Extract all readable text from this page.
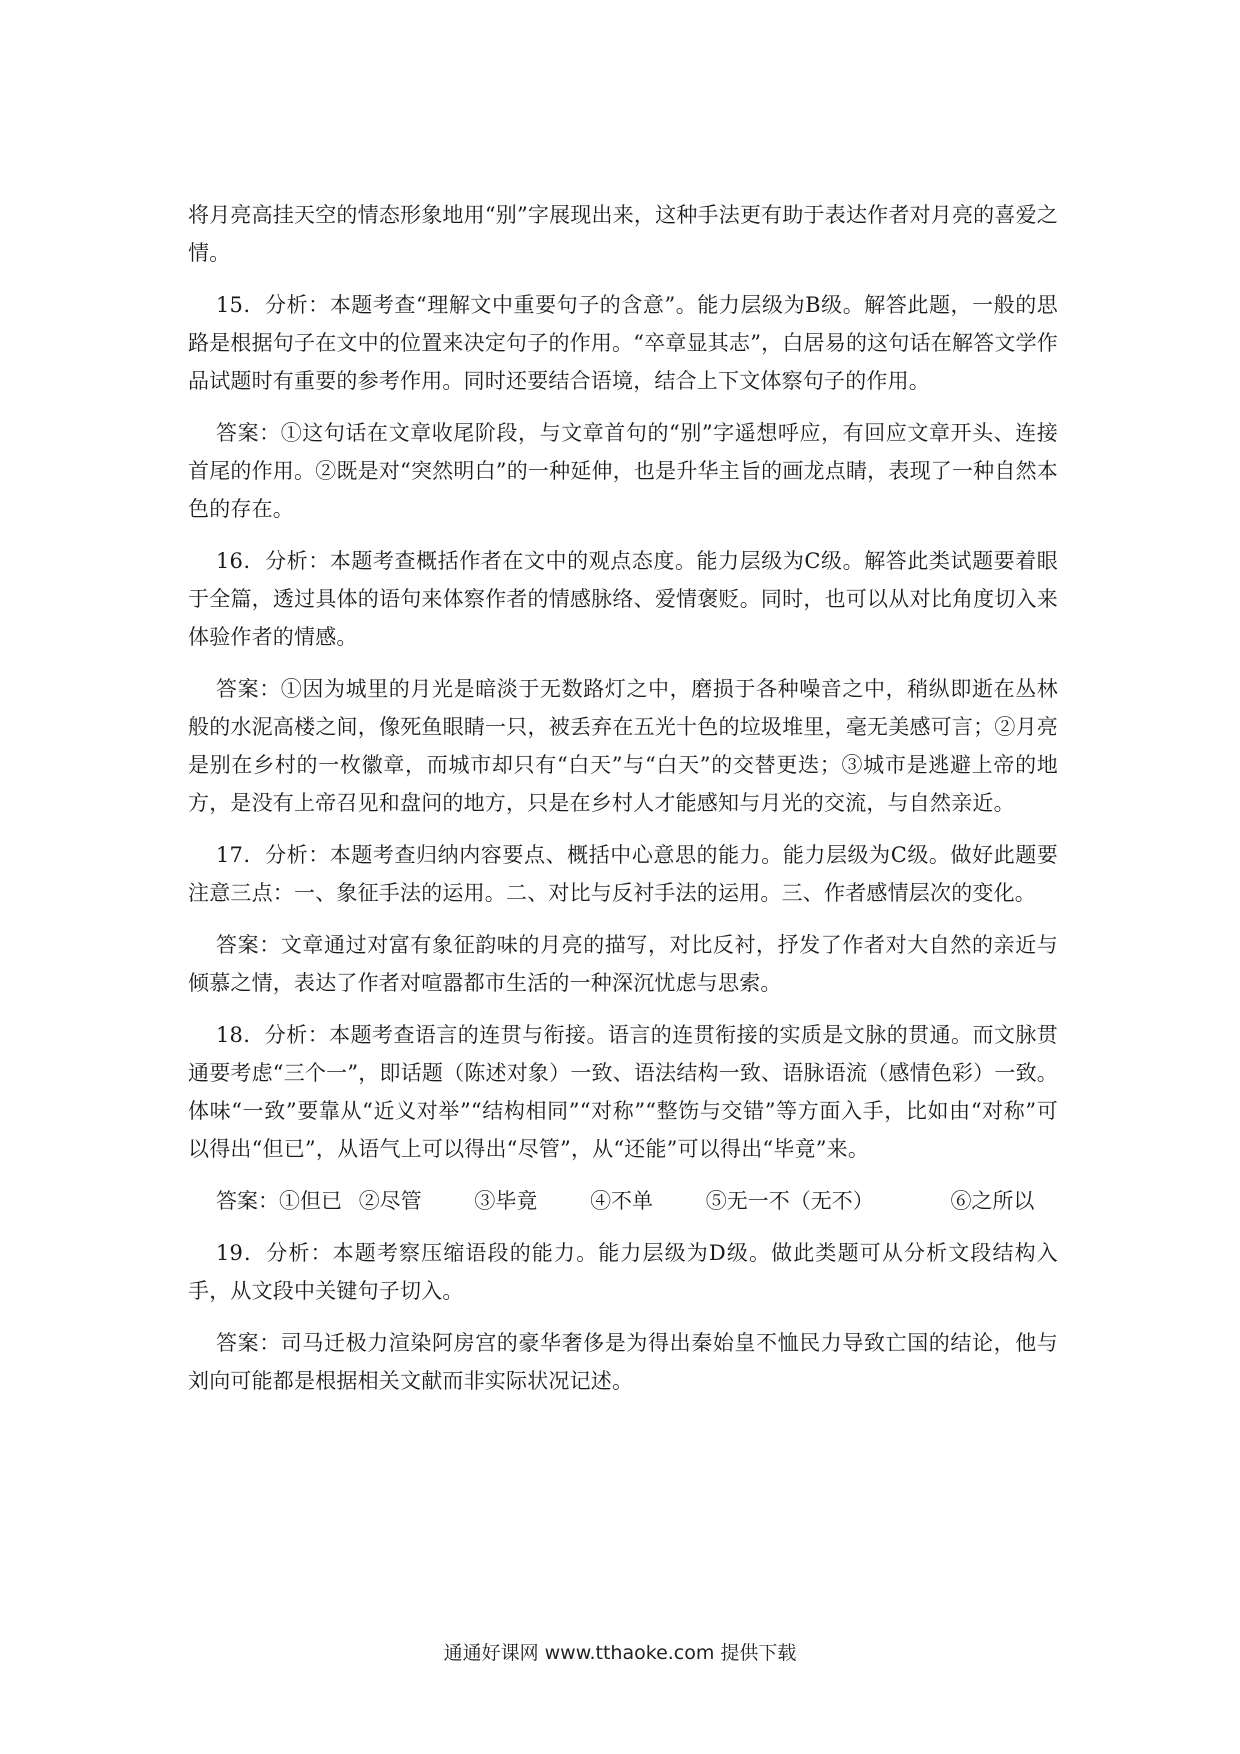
将月亮高挂天空的情态形象地用“别”字展现出来，这种手法更有助于表达作者对月亮的喜爱之情。

15．分析：本题考查“理解文中重要句子的含意”。能力层级为B级。解答此题，一般的思路是根据句子在文中的位置来决定句子的作用。“卒章显其志”，白居易的这句话在解答文学作品试题时有重要的参考作用。同时还要结合语境，结合上下文体察句子的作用。

答案：①这句话在文章收尾阶段，与文章首句的“别”字遥想呼应，有回应文章开头、连接首尾的作用。②既是对“突然明白”的一种延伸，也是升华主旨的画龙点睛，表现了一种自然本色的存在。

16．分析：本题考查概括作者在文中的观点态度。能力层级为C级。解答此类试题要着眼于全篇，透过具体的语句来体察作者的情感脉络、爱情褒贬。同时，也可以从对比角度切入来体验作者的情感。

答案：①因为城里的月光是暗淡于无数路灯之中，磨损于各种噪音之中，稍纵即逝在丛林般的水泥高楼之间，像死鱼眼睛一只，被丢弃在五光十色的垃圾堆里，毫无美感可言；②月亮是别在乡村的一枚徽章，而城市却只有“白天”与“白天”的交替更迭；③城市是逃避上帝的地方，是没有上帝召见和盘问的地方，只是在乡村人才能感知与月光的交流，与自然亲近。

17．分析：本题考查归纳内容要点、概括中心意思的能力。能力层级为C级。做好此题要注意三点：一、象征手法的运用。二、对比与反衬手法的运用。三、作者感情层次的变化。

答案：文章通过对富有象征韵味的月亮的描写，对比反衬，抒发了作者对大自然的亲近与倾慕之情，表达了作者对喧嚣都市生活的一种深沉忧虑与思索。

18．分析：本题考查语言的连贯与衔接。语言的连贯衔接的实质是文脉的贯通。而文脉贯通要考虑“三个一”，即话题（陈述对象）一致、语法结构一致、语脉语流（感情色彩）一致。体味“一致”要靠从“近义对举”“结构相同”“对称”“整饬与交错”等方面入手，比如由“对称”可以得出“但已”，从语气上可以得出“尽管”，从“还能”可以得出“毕竟”来。

答案：①但已 ②尽管	③毕竟	④不单	⑤无一不（无不）	⑥之所以

19．分析：本题考察压缩语段的能力。能力层级为D级。做此类题可从分析文段结构入手，从文段中关键句子切入。

答案：司马迁极力渲染阿房宫的豪华奢侈是为得出秦始皇不恤民力导致亡国的结论，他与刘向可能都是根据相关文献而非实际状况记述。

通通好课网 www.tthaoke.com 提供下载
